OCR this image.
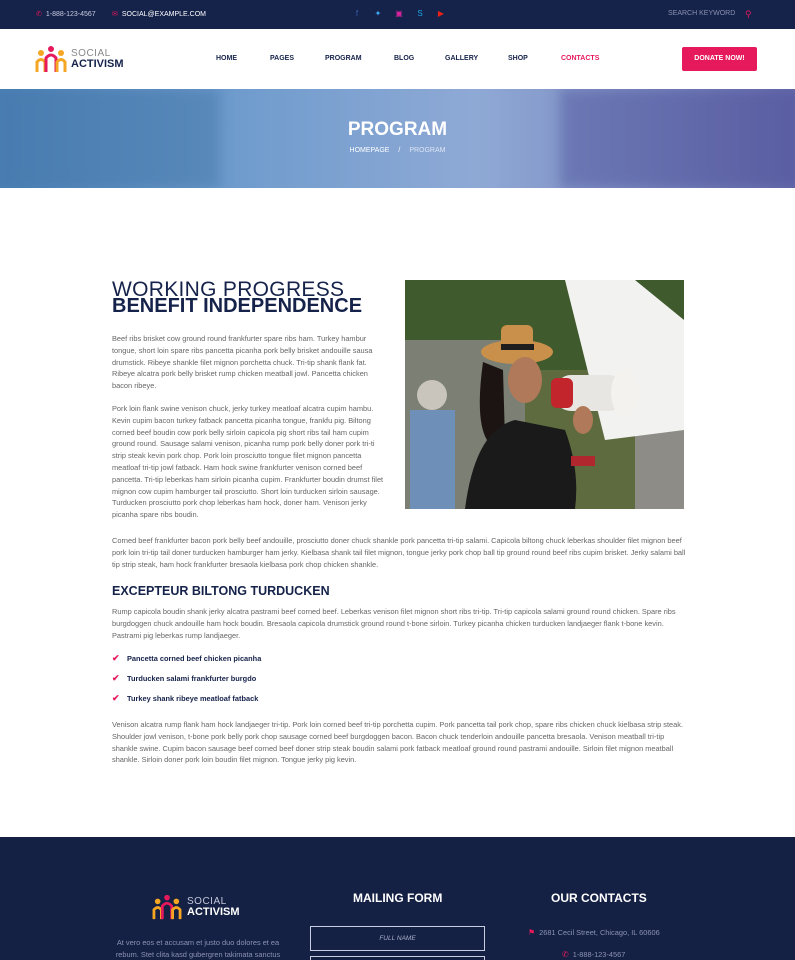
✆ 1-888-123-4567 ✉ SOCIAL@EXAMPLE.COM	f	✦ ▣ S ▶	SEARCH KEYWORD ⚲
SOCIAL
ACTIVISM	HOME	PAGES	PROGRAM	BLOG	GALLERY	SHOP	CONTACTS	DONATE NOW!
PROGRAM
HOMEPAGE / PROGRAM
WORKING PROGRESS
BENEFIT INDEPENDENCE

Beef ribs brisket cow ground round frankfurter spare ribs ham. Turkey hambur tongue, short loin spare ribs pancetta picanha pork belly brisket andouille sausa drumstick. Ribeye shankle filet mignon porchetta chuck. Tri-tip shank flank fat. Ribeye alcatra pork belly brisket rump chicken meatball jowl. Pancetta chicken bacon ribeye.

Pork loin flank swine venison chuck, jerky turkey meatloaf alcatra cupim hambu. Kevin cupim bacon turkey fatback pancetta picanha tongue, frankfu pig. Biltong corned beef boudin cow pork belly sirloin capicola pig short ribs tail ham cupim ground round. Sausage salami venison, picanha rump pork belly doner pork tri-ti strip steak kevin pork chop. Pork loin prosciutto tongue filet mignon pancetta meatloaf tri-tip jowl fatback. Ham hock swine frankfurter venison corned beef pancetta. Tri-tip leberkas ham sirloin picanha cupim. Frankfurter boudin drumst filet mignon cow cupim hamburger tail prosciutto. Short loin turducken sirloin sausage. Turducken prosciutto pork chop leberkas ham hock, doner ham. Venison jerky picanha spare ribs boudin.

Corned beef frankfurter bacon pork belly beef andouille, prosciutto doner chuck shankle pork pancetta tri-tip salami. Capicola biltong chuck leberkas shoulder filet mignon beef pork loin tri-tip tail doner turducken hamburger ham jerky. Kielbasa shank tail filet mignon, tongue jerky pork chop ball tip ground round beef ribs cupim brisket. Jerky salami ball tip strip steak, ham hock frankfurter bresaola kielbasa pork chop chicken shankle.

EXCEPTEUR BILTONG TURDUCKEN

Rump capicola boudin shank jerky alcatra pastrami beef corned beef. Leberkas venison filet mignon short ribs tri-tip. Tri-tip capicola salami ground round chicken. Spare ribs burgdoggen chuck andouille ham hock boudin. Bresaola capicola drumstick ground round t-bone sirloin. Turkey picanha chicken turducken landjaeger flank t-bone kevin. Pastrami pig leberkas rump landjaeger.

✔ Pancetta corned beef chicken picanha
✔ Turducken salami frankfurter burgdo
✔ Turkey shank ribeye meatloaf fatback

Venison alcatra rump flank ham hock landjaeger tri-tip. Pork loin corned beef tri-tip porchetta cupim. Pork pancetta tail pork chop, spare ribs chicken chuck kielbasa strip steak. Shoulder jowl venison, t-bone pork belly pork chop sausage corned beef burgdoggen bacon. Bacon chuck tenderloin andouille pancetta bresaola. Venison meatball tri-tip shankle swine. Cupim bacon sausage beef corned beef doner strip steak boudin salami pork fatback meatloaf ground round pastrami andouille. Sirloin filet mignon meatball shankle. Sirloin doner pork loin boudin filet mignon. Tongue jerky pig kevin.

SOCIAL
ACTIVISM
At vero eos et accusam et justo duo dolores et ea rebum. Stet clita kasd gubergren takimata sanctus
MAILING FORM
FULL NAME
OUR CONTACTS
⚑ 2681 Cecil Street, Chicago, IL 60606
✆ 1-888-123-4567
